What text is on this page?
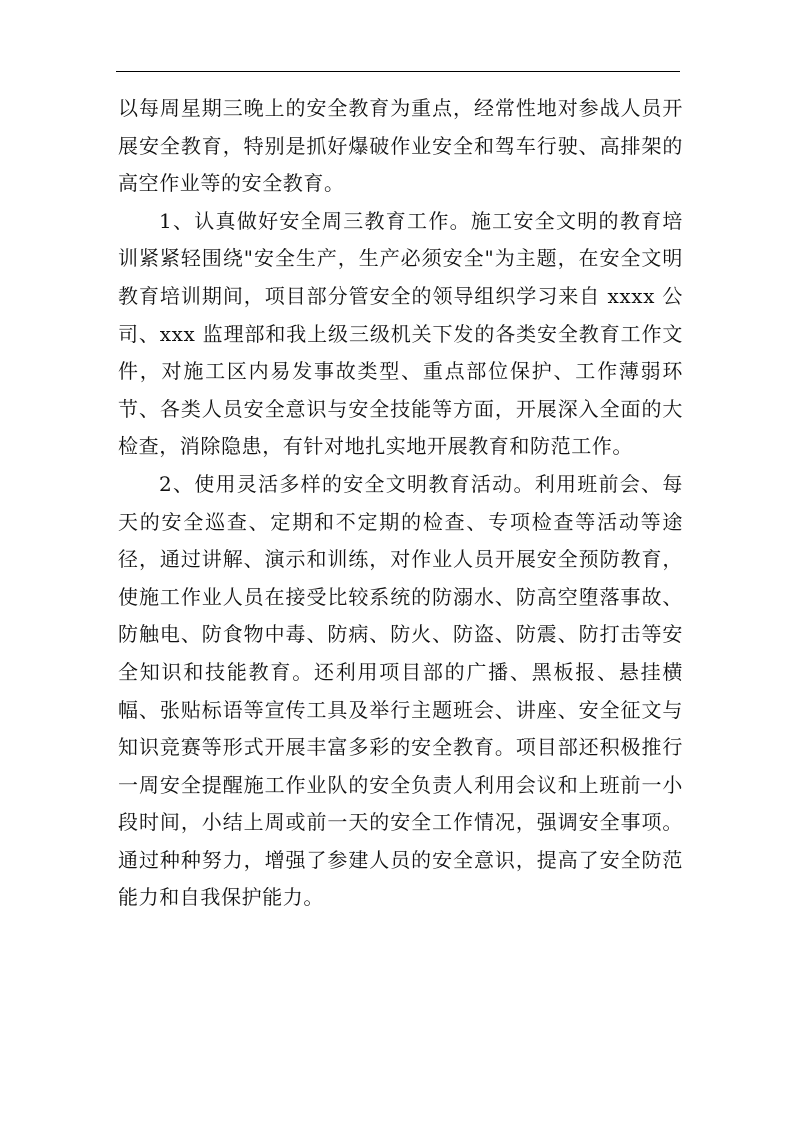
以每周星期三晚上的安全教育为重点，经常性地对参战人员开展安全教育，特别是抓好爆破作业安全和驾车行驶、高排架的高空作业等的安全教育。

1、认真做好安全周三教育工作。施工安全文明的教育培训紧紧轻围绕"安全生产，生产必须安全"为主题，在安全文明教育培训期间，项目部分管安全的领导组织学习来自 xxxx 公司、xxx 监理部和我上级三级机关下发的各类安全教育工作文件，对施工区内易发事故类型、重点部位保护、工作薄弱环节、各类人员安全意识与安全技能等方面，开展深入全面的大检查，消除隐患，有针对地扎实地开展教育和防范工作。

2、使用灵活多样的安全文明教育活动。利用班前会、每天的安全巡查、定期和不定期的检查、专项检查等活动等途径，通过讲解、演示和训练，对作业人员开展安全预防教育，使施工作业人员在接受比较系统的防溺水、防高空堕落事故、防触电、防食物中毒、防病、防火、防盗、防震、防打击等安全知识和技能教育。还利用项目部的广播、黑板报、悬挂横幅、张贴标语等宣传工具及举行主题班会、讲座、安全征文与知识竞赛等形式开展丰富多彩的安全教育。项目部还积极推行一周安全提醒施工作业队的安全负责人利用会议和上班前一小段时间，小结上周或前一天的安全工作情况，强调安全事项。通过种种努力，增强了参建人员的安全意识，提高了安全防范能力和自我保护能力。
